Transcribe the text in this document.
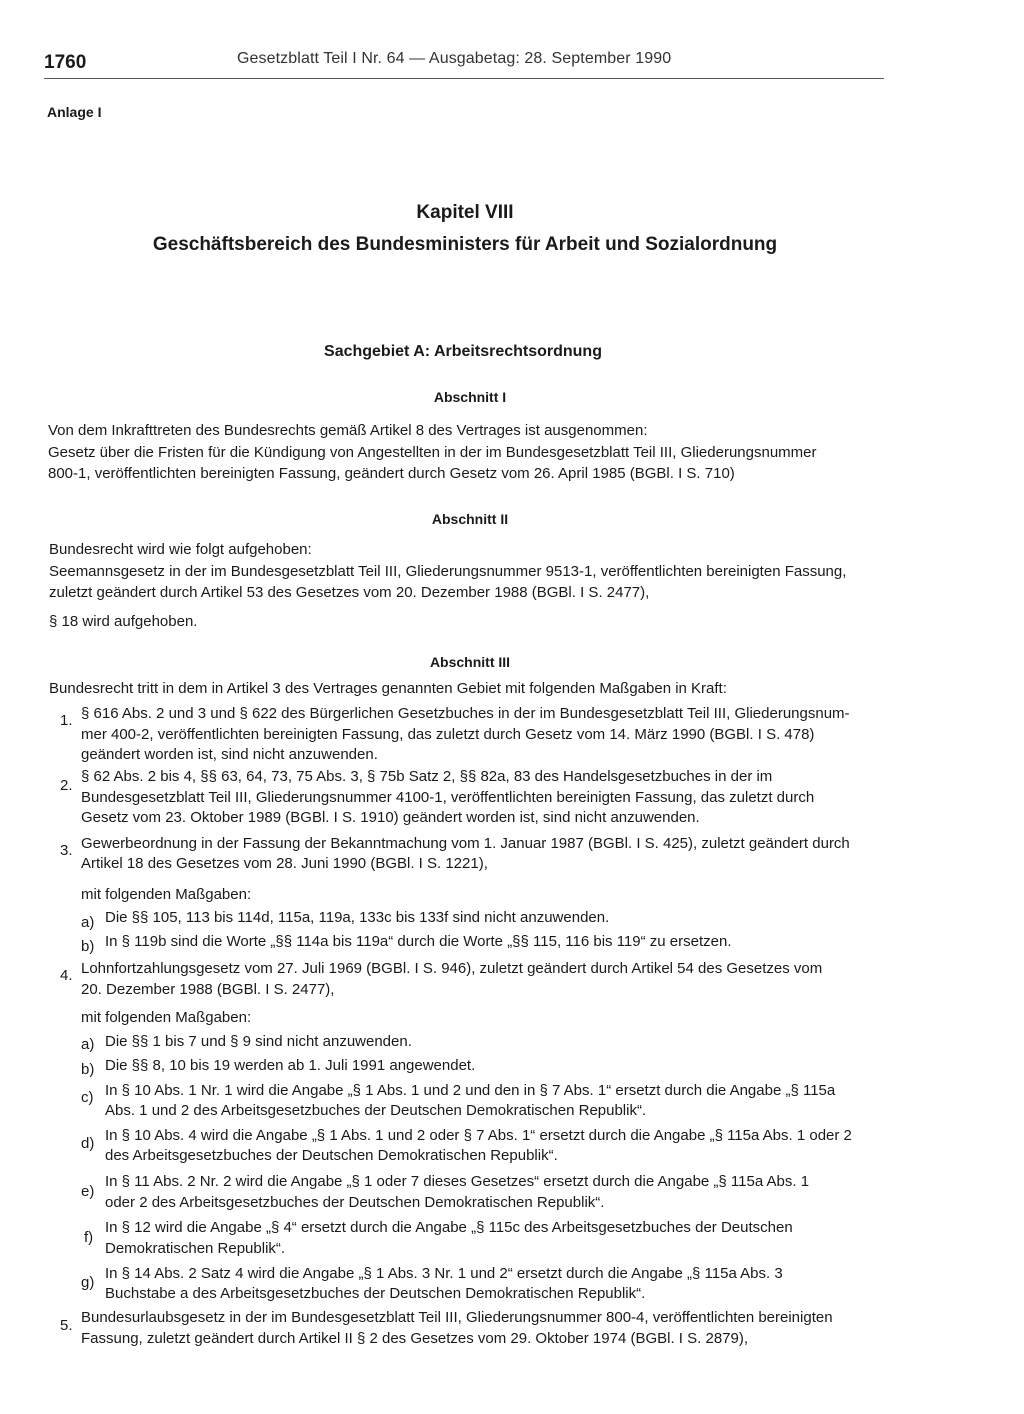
1760	Gesetzblatt Teil I Nr. 64 — Ausgabetag: 28. September 1990
Anlage I
Kapitel VIII
Geschäftsbereich des Bundesministers für Arbeit und Sozialordnung
Sachgebiet A: Arbeitsrechtsordnung
Abschnitt I
Von dem Inkrafttreten des Bundesrechts gemäß Artikel 8 des Vertrages ist ausgenommen:
Gesetz über die Fristen für die Kündigung von Angestellten in der im Bundesgesetzblatt Teil III, Gliederungsnummer
800-1, veröffentlichten bereinigten Fassung, geändert durch Gesetz vom 26. April 1985 (BGBl. I S. 710)
Abschnitt II
Bundesrecht wird wie folgt aufgehoben:
Seemannsgesetz in der im Bundesgesetzblatt Teil III, Gliederungsnummer 9513-1, veröffentlichten bereinigten Fassung,
zuletzt geändert durch Artikel 53 des Gesetzes vom 20. Dezember 1988 (BGBl. I S. 2477),
§ 18 wird aufgehoben.
Abschnitt III
Bundesrecht tritt in dem in Artikel 3 des Vertrages genannten Gebiet mit folgenden Maßgaben in Kraft:
1. § 616 Abs. 2 und 3 und § 622 des Bürgerlichen Gesetzbuches in der im Bundesgesetzblatt Teil III, Gliederungsnum-
mer 400-2, veröffentlichten bereinigten Fassung, das zuletzt durch Gesetz vom 14. März 1990 (BGBl. I S. 478)
geändert worden ist, sind nicht anzuwenden.
2.
§ 62 Abs. 2 bis 4, §§ 63, 64, 73, 75 Abs. 3, § 75b Satz 2, §§ 82a, 83 des Handelsgesetzbuches in der im
Bundesgesetzblatt Teil III, Gliederungsnummer 4100-1, veröffentlichten bereinigten Fassung, das zuletzt durch
Gesetz vom 23. Oktober 1989 (BGBl. I S. 1910) geändert worden ist, sind nicht anzuwenden.
3. Gewerbeordnung in der Fassung der Bekanntmachung vom 1. Januar 1987 (BGBl. I S. 425), zuletzt geändert durch
Artikel 18 des Gesetzes vom 28. Juni 1990 (BGBl. I S. 1221),
mit folgenden Maßgaben:
a) Die §§ 105, 113 bis 114d, 115a, 119a, 133c bis 133f sind nicht anzuwenden.
b) In § 119b sind die Worte „§§ 114a bis 119a“ durch die Worte „§§ 115, 116 bis 119“ zu ersetzen.
4. Lohnfortzahlungsgesetz vom 27. Juli 1969 (BGBl. I S. 946), zuletzt geändert durch Artikel 54 des Gesetzes vom
20. Dezember 1988 (BGBl. I S. 2477),
mit folgenden Maßgaben:
a) Die §§ 1 bis 7 und § 9 sind nicht anzuwenden.
b) Die §§ 8, 10 bis 19 werden ab 1. Juli 1991 angewendet.
c) In § 10 Abs. 1 Nr. 1 wird die Angabe „§ 1 Abs. 1 und 2 und den in § 7 Abs. 1“ ersetzt durch die Angabe „§ 115a
Abs. 1 und 2 des Arbeitsgesetzbuches der Deutschen Demokratischen Republik“.
d) In § 10 Abs. 4 wird die Angabe „§ 1 Abs. 1 und 2 oder § 7 Abs. 1“ ersetzt durch die Angabe „§ 115a Abs. 1 oder 2
des Arbeitsgesetzbuches der Deutschen Demokratischen Republik“.
e)
In § 11 Abs. 2 Nr. 2 wird die Angabe „§ 1 oder 7 dieses Gesetzes“ ersetzt durch die Angabe „§ 115a Abs. 1
oder 2 des Arbeitsgesetzbuches der Deutschen Demokratischen Republik“.
f)
In § 12 wird die Angabe „§ 4“ ersetzt durch die Angabe „§ 115c des Arbeitsgesetzbuches der Deutschen
Demokratischen Republik“.
g)
In § 14 Abs. 2 Satz 4 wird die Angabe „§ 1 Abs. 3 Nr. 1 und 2“ ersetzt durch die Angabe „§ 115a Abs. 3
Buchstabe a des Arbeitsgesetzbuches der Deutschen Demokratischen Republik“.
5. Bundesurlaubsgesetz in der im Bundesgesetzblatt Teil III, Gliederungsnummer 800-4, veröffentlichten bereinigten
Fassung, zuletzt geändert durch Artikel II § 2 des Gesetzes vom 29. Oktober 1974 (BGBl. I S. 2879),
